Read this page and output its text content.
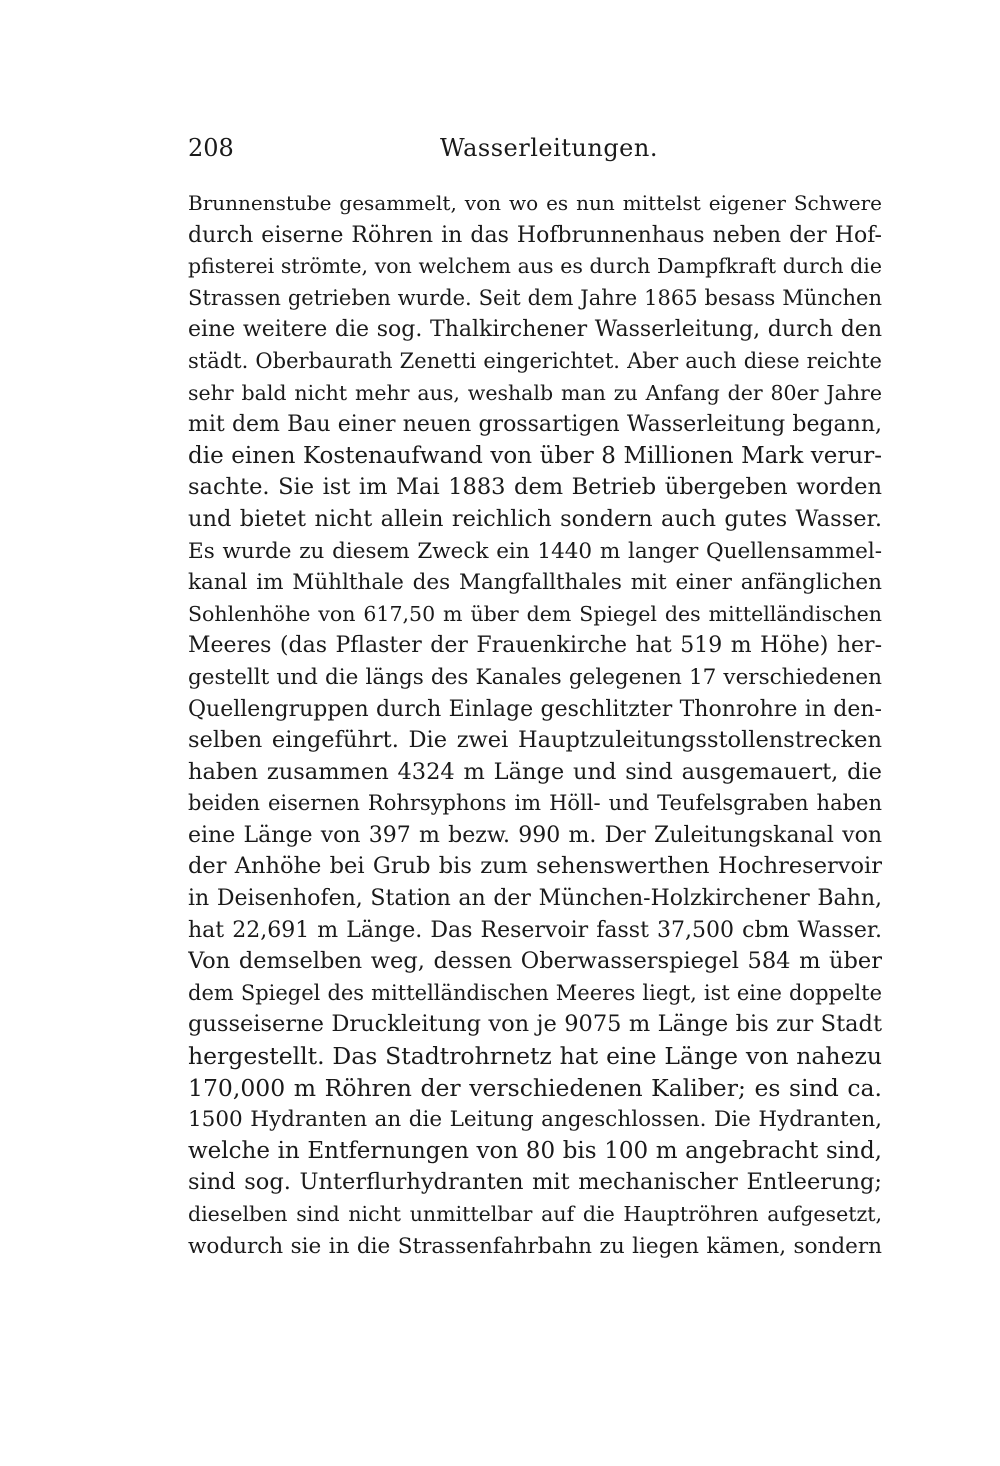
208	Wasserleitungen.
Brunnenstube gesammelt, von wo es nun mittelst eigener Schwere
durch eiserne Röhren in das Hofbrunnenhaus neben der Hof-
pfisterei strömte, von welchem aus es durch Dampfkraft durch die
Strassen getrieben wurde. Seit dem Jahre 1865 besass München
eine weitere die sog. Thalkirchener Wasserleitung, durch den
städt. Oberbaurath Zenetti eingerichtet. Aber auch diese reichte
sehr bald nicht mehr aus, weshalb man zu Anfang der 80er Jahre
mit dem Bau einer neuen grossartigen Wasserleitung begann,
die einen Kostenaufwand von über 8 Millionen Mark verur-
sachte. Sie ist im Mai 1883 dem Betrieb übergeben worden
und bietet nicht allein reichlich sondern auch gutes Wasser.
Es wurde zu diesem Zweck ein 1440 m langer Quellensammel-
kanal im Mühlthale des Mangfallthales mit einer anfänglichen
Sohlenhöhe von 617,50 m über dem Spiegel des mittelländischen
Meeres (das Pflaster der Frauenkirche hat 519 m Höhe) her-
gestellt und die längs des Kanales gelegenen 17 verschiedenen
Quellengruppen durch Einlage geschlitzter Thonrohre in den-
selben eingeführt. Die zwei Hauptzuleitungsstollenstrecken
haben zusammen 4324 m Länge und sind ausgemauert, die
beiden eisernen Rohrsyphons im Höll- und Teufelsgraben haben
eine Länge von 397 m bezw. 990 m. Der Zuleitungskanal von
der Anhöhe bei Grub bis zum sehenswerthen Hochreservoir
in Deisenhofen, Station an der München-Holzkirchener Bahn,
hat 22,691 m Länge. Das Reservoir fasst 37,500 cbm Wasser.
Von demselben weg, dessen Oberwasserspiegel 584 m über
dem Spiegel des mittelländischen Meeres liegt, ist eine doppelte
gusseiserne Druckleitung von je 9075 m Länge bis zur Stadt
hergestellt. Das Stadtrohrnetz hat eine Länge von nahezu
170,000 m Röhren der verschiedenen Kaliber; es sind ca.
1500 Hydranten an die Leitung angeschlossen. Die Hydranten,
welche in Entfernungen von 80 bis 100 m angebracht sind,
sind sog. Unterflurhydranten mit mechanischer Entleerung;
dieselben sind nicht unmittelbar auf die Hauptröhren aufgesetzt,
wodurch sie in die Strassenfahrbahn zu liegen kämen, sondern
